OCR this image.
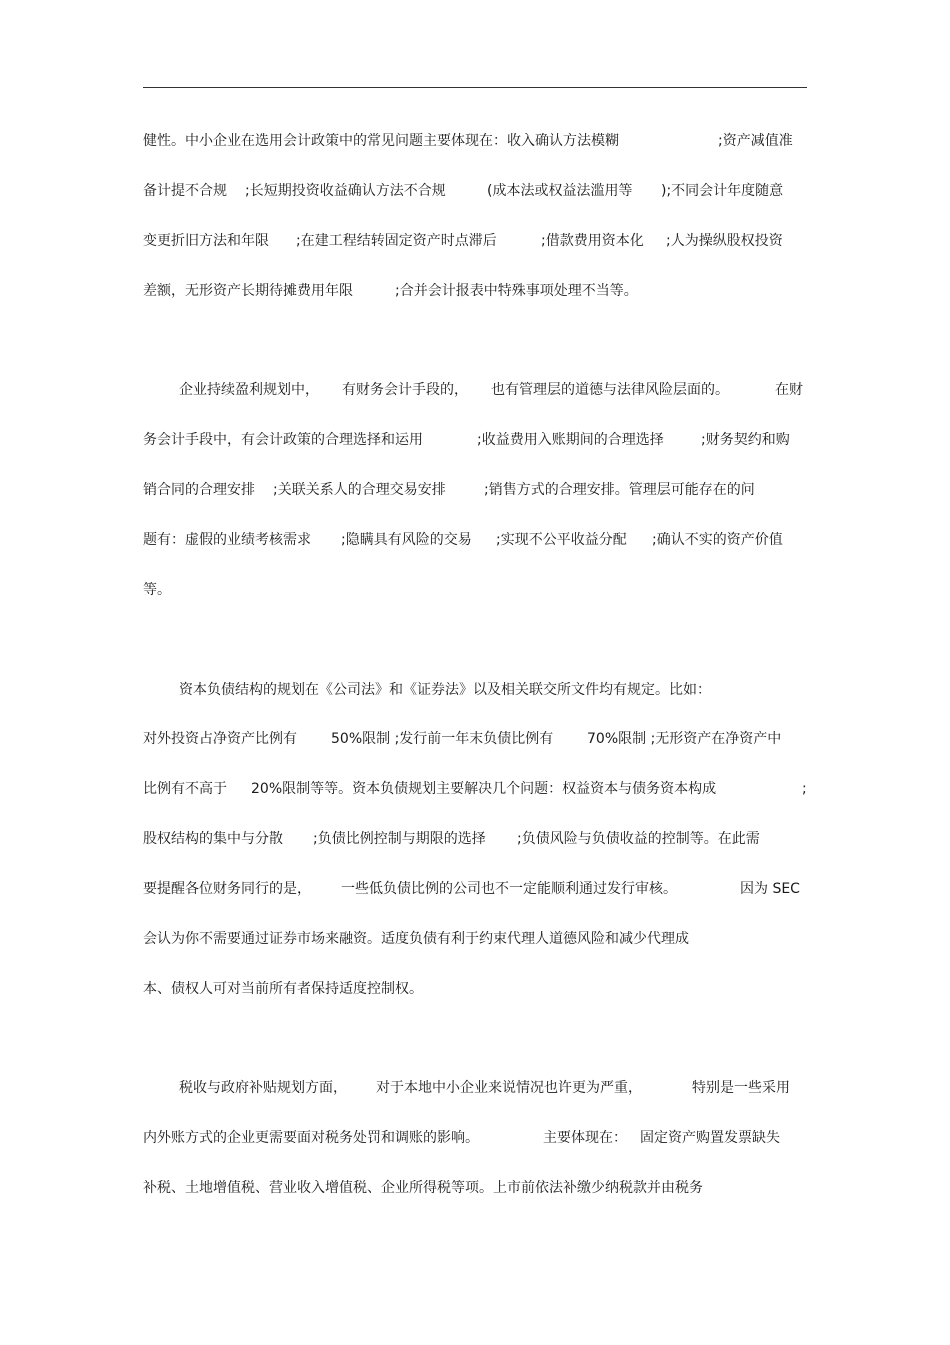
健性。中小企业在选用会计政策中的常见问题主要体现在：收入确认方法模糊	;资产减值准
备计提不合规 ;长短期投资收益确认方法不合规	(成本法或权益法滥用等 );不同会计年度随意
变更折旧方法和年限 ;在建工程结转固定资产时点滞后	;借款费用资本化 ;人为操纵股权投资
差额，无形资产长期待摊费用年限	;合并会计报表中特殊事项处理不当等。
企业持续盈利规划中， 有财务会计手段的， 也有管理层的道德与法律风险层面的。	在财
务会计手段中，有会计政策的合理选择和运用	;收益费用入账期间的合理选择	;财务契约和购
销合同的合理安排 ;关联关系人的合理交易安排	;销售方式的合理安排。管理层可能存在的问
题有：虚假的业绩考核需求 ;隐瞒具有风险的交易 ;实现不公平收益分配 ;确认不实的资产价值
等。
资本负债结构的规划在《公司法》和《证券法》以及相关联交所文件均有规定。比如：
对外投资占净资产比例有 50%限制 ;发行前一年末负债比例有 70%限制 ;无形资产在净资产中
比例有不高于 20%限制等等。资本负债规划主要解决几个问题：权益资本与债务资本构成	;
股权结构的集中与分散 ;负债比例控制与期限的选择 ;负债风险与负债收益的控制等。在此需
要提醒各位财务同行的是， 一些低负债比例的公司也不一定能顺利通过发行审核。	因为 SEC
会认为你不需要通过证券市场来融资。适度负债有利于约束代理人道德风险和减少代理成
本、债权人可对当前所有者保持适度控制权。
税收与政府补贴规划方面， 对于本地中小企业来说情况也许更为严重，	特别是一些采用
内外账方式的企业更需要面对税务处罚和调账的影响。	主要体现在： 固定资产购置发票缺失
补税、土地增值税、营业收入增值税、企业所得税等项。上市前依法补缴少纳税款并由税务
